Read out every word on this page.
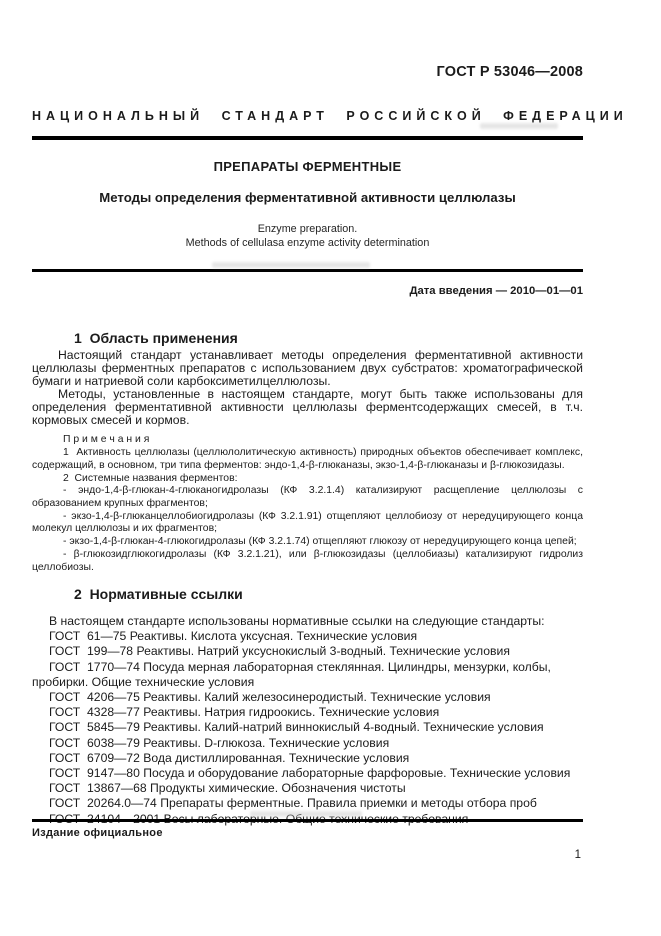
ГОСТ Р 53046—2008
НАЦИОНАЛЬНЫЙ СТАНДАРТ РОССИЙСКОЙ ФЕДЕРАЦИИ
ПРЕПАРАТЫ ФЕРМЕНТНЫЕ
Методы определения ферментативной активности целлюлазы
Enzyme preparation.
Methods of cellulasa enzyme activity determination
Дата введения — 2010—01—01
1  Область применения

Настоящий стандарт устанавливает методы определения ферментативной активности целлюлазы ферментных препаратов с использованием двух субстратов: хроматографической бумаги и натриевой соли карбоксиметилцеллюлозы.

Методы, установленные в настоящем стандарте, могут быть также использованы для определения ферментативной активности целлюлазы ферментсодержащих смесей, в т.ч. кормовых смесей и кормов.

П р и м е ч а н и я

1  Активность целлюлазы (целлюлолитическую активность) природных объектов обеспечивает комплекс, содержащий, в основном, три типа ферментов: эндо-1,4-β-глюканазы, экзо-1,4-β-глюканазы и β-глюкозидазы.

2  Системные названия ферментов:

- эндо-1,4-β-глюкан-4-глюканогидролазы (КФ 3.2.1.4) катализируют расщепление целлюлозы с образованием крупных фрагментов;

- экзо-1,4-β-глюканцеллобиогидролазы (КФ 3.2.1.91) отщепляют целлобиозу от нередуцирующего конца молекул целлюлозы и их фрагментов;

- экзо-1,4-β-глюкан-4-глюкогидролазы (КФ 3.2.1.74) отщепляют глюкозу от нередуцирующего конца цепей;

- β-глюкозидглюкогидролазы (КФ 3.2.1.21), или β-глюкозидазы (целлобиазы) катализируют гидролиз целлобиозы.

2  Нормативные ссылки

В настоящем стандарте использованы нормативные ссылки на следующие стандарты:

ГОСТ  61—75 Реактивы. Кислота уксусная. Технические условия

ГОСТ  199—78 Реактивы. Натрий уксуснокислый 3-водный. Технические условия

ГОСТ  1770—74 Посуда мерная лабораторная стеклянная. Цилиндры, мензурки, колбы, пробирки. Общие технические условия

ГОСТ  4206—75 Реактивы. Калий железосинеродистый. Технические условия

ГОСТ  4328—77 Реактивы. Натрия гидроокись. Технические условия

ГОСТ  5845—79 Реактивы. Калий-натрий виннокислый 4-водный. Технические условия

ГОСТ  6038—79 Реактивы. D-глюкоза. Технические условия

ГОСТ  6709—72 Вода дистиллированная. Технические условия

ГОСТ  9147—80 Посуда и оборудование лабораторные фарфоровые. Технические условия

ГОСТ  13867—68 Продукты химические. Обозначения чистоты

ГОСТ  20264.0—74 Препараты ферментные. Правила приемки и методы отбора проб

Издание официальное
1
